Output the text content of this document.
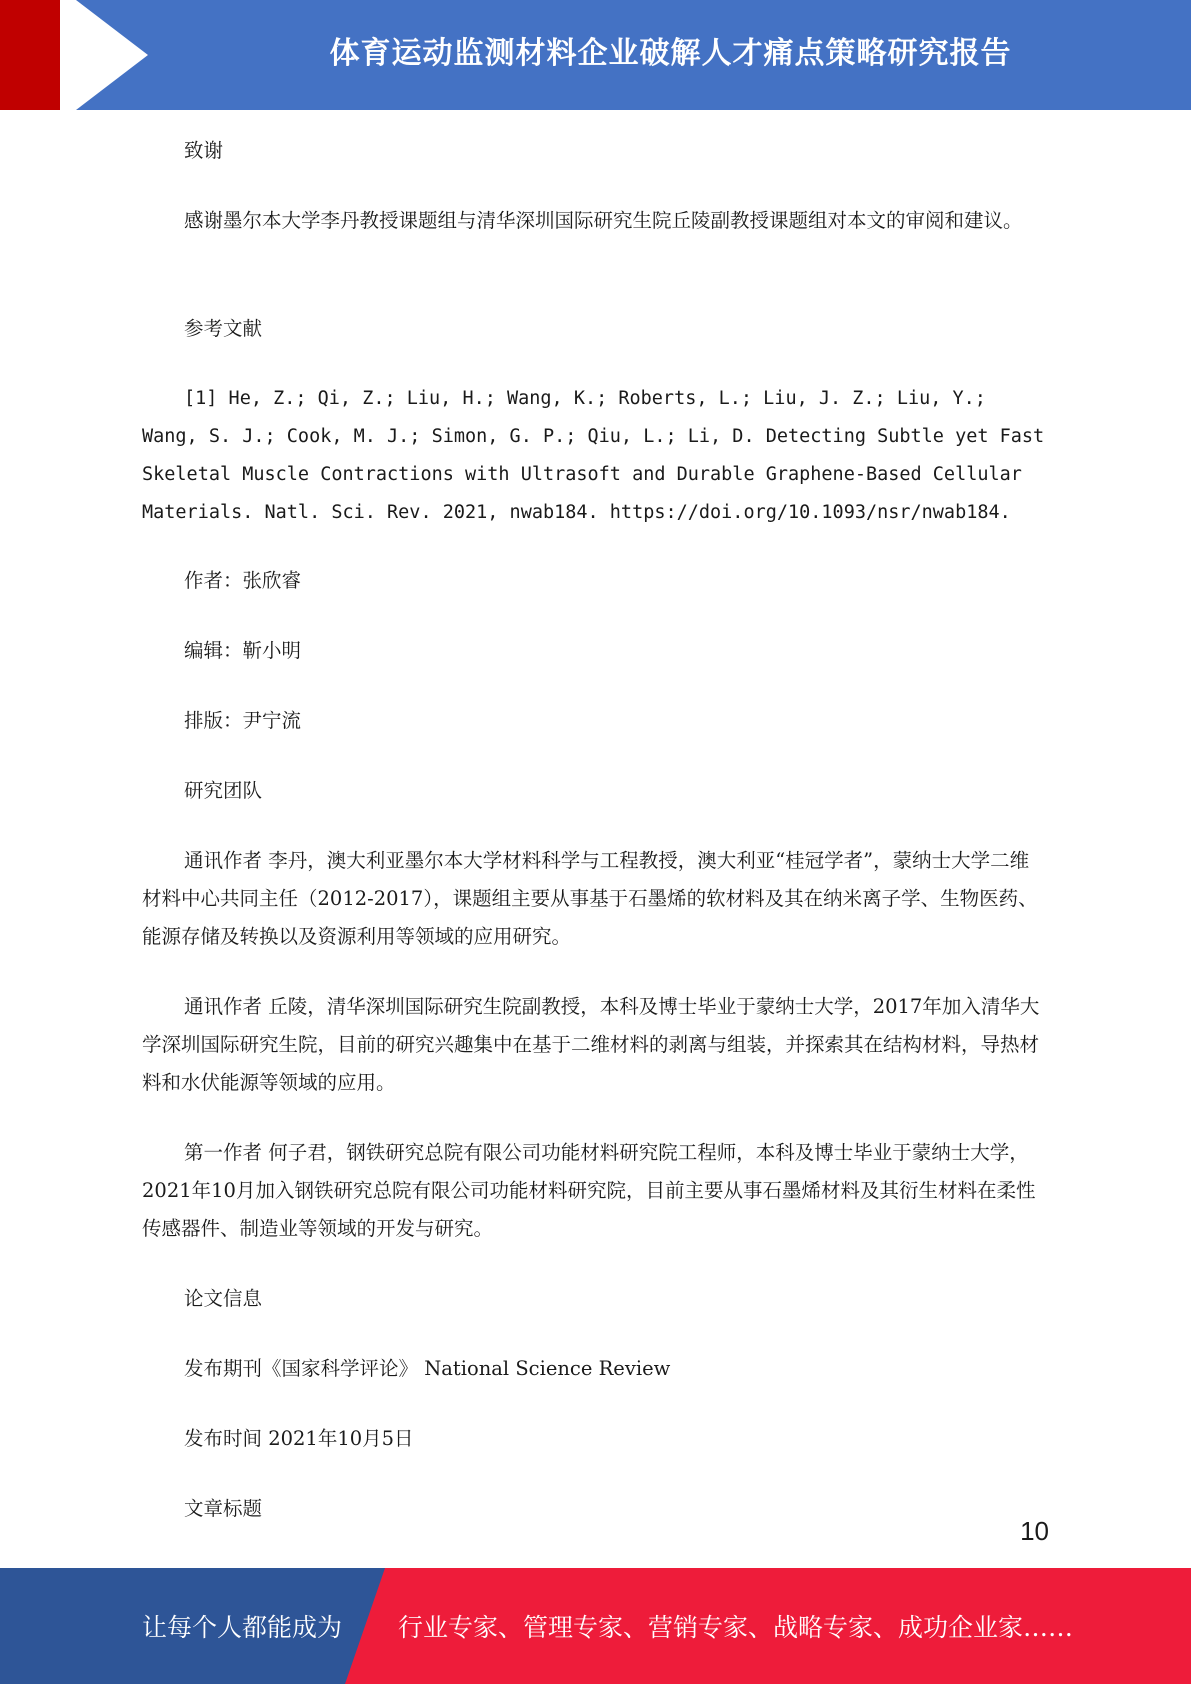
体育运动监测材料企业破解人才痛点策略研究报告

致谢

感谢墨尔本大学李丹教授课题组与清华深圳国际研究生院丘陵副教授课题组对本文的审阅和建议。

参考文献

[1] He, Z.; Qi, Z.; Liu, H.; Wang, K.; Roberts, L.; Liu, J. Z.; Liu, Y.; Wang, S. J.; Cook, M. J.; Simon, G. P.; Qiu, L.; Li, D. Detecting Subtle yet Fast Skeletal Muscle Contractions with Ultrasoft and Durable Graphene-Based Cellular Materials. Natl. Sci. Rev. 2021, nwab184. https://doi.org/10.1093/nsr/nwab184.

作者：张欣睿

编辑：靳小明

排版：尹宁流

研究团队

通讯作者 李丹，澳大利亚墨尔本大学材料科学与工程教授，澳大利亚“桂冠学者”，蒙纳士大学二维材料中心共同主任（2012-2017），课题组主要从事基于石墨烯的软材料及其在纳米离子学、生物医药、能源存储及转换以及资源利用等领域的应用研究。

通讯作者 丘陵，清华深圳国际研究生院副教授，本科及博士毕业于蒙纳士大学，2017年加入清华大学深圳国际研究生院，目前的研究兴趣集中在基于二维材料的剥离与组装，并探索其在结构材料，导热材料和水伏能源等领域的应用。

第一作者 何子君，钢铁研究总院有限公司功能材料研究院工程师，本科及博士毕业于蒙纳士大学，2021年10月加入钢铁研究总院有限公司功能材料研究院，目前主要从事石墨烯材料及其衍生材料在柔性传感器件、制造业等领域的开发与研究。

论文信息

发布期刊《国家科学评论》 National Science Review

发布时间 2021年10月5日

文章标题

10
让每个人都能成为 行业专家、管理专家、营销专家、战略专家、成功企业家……
